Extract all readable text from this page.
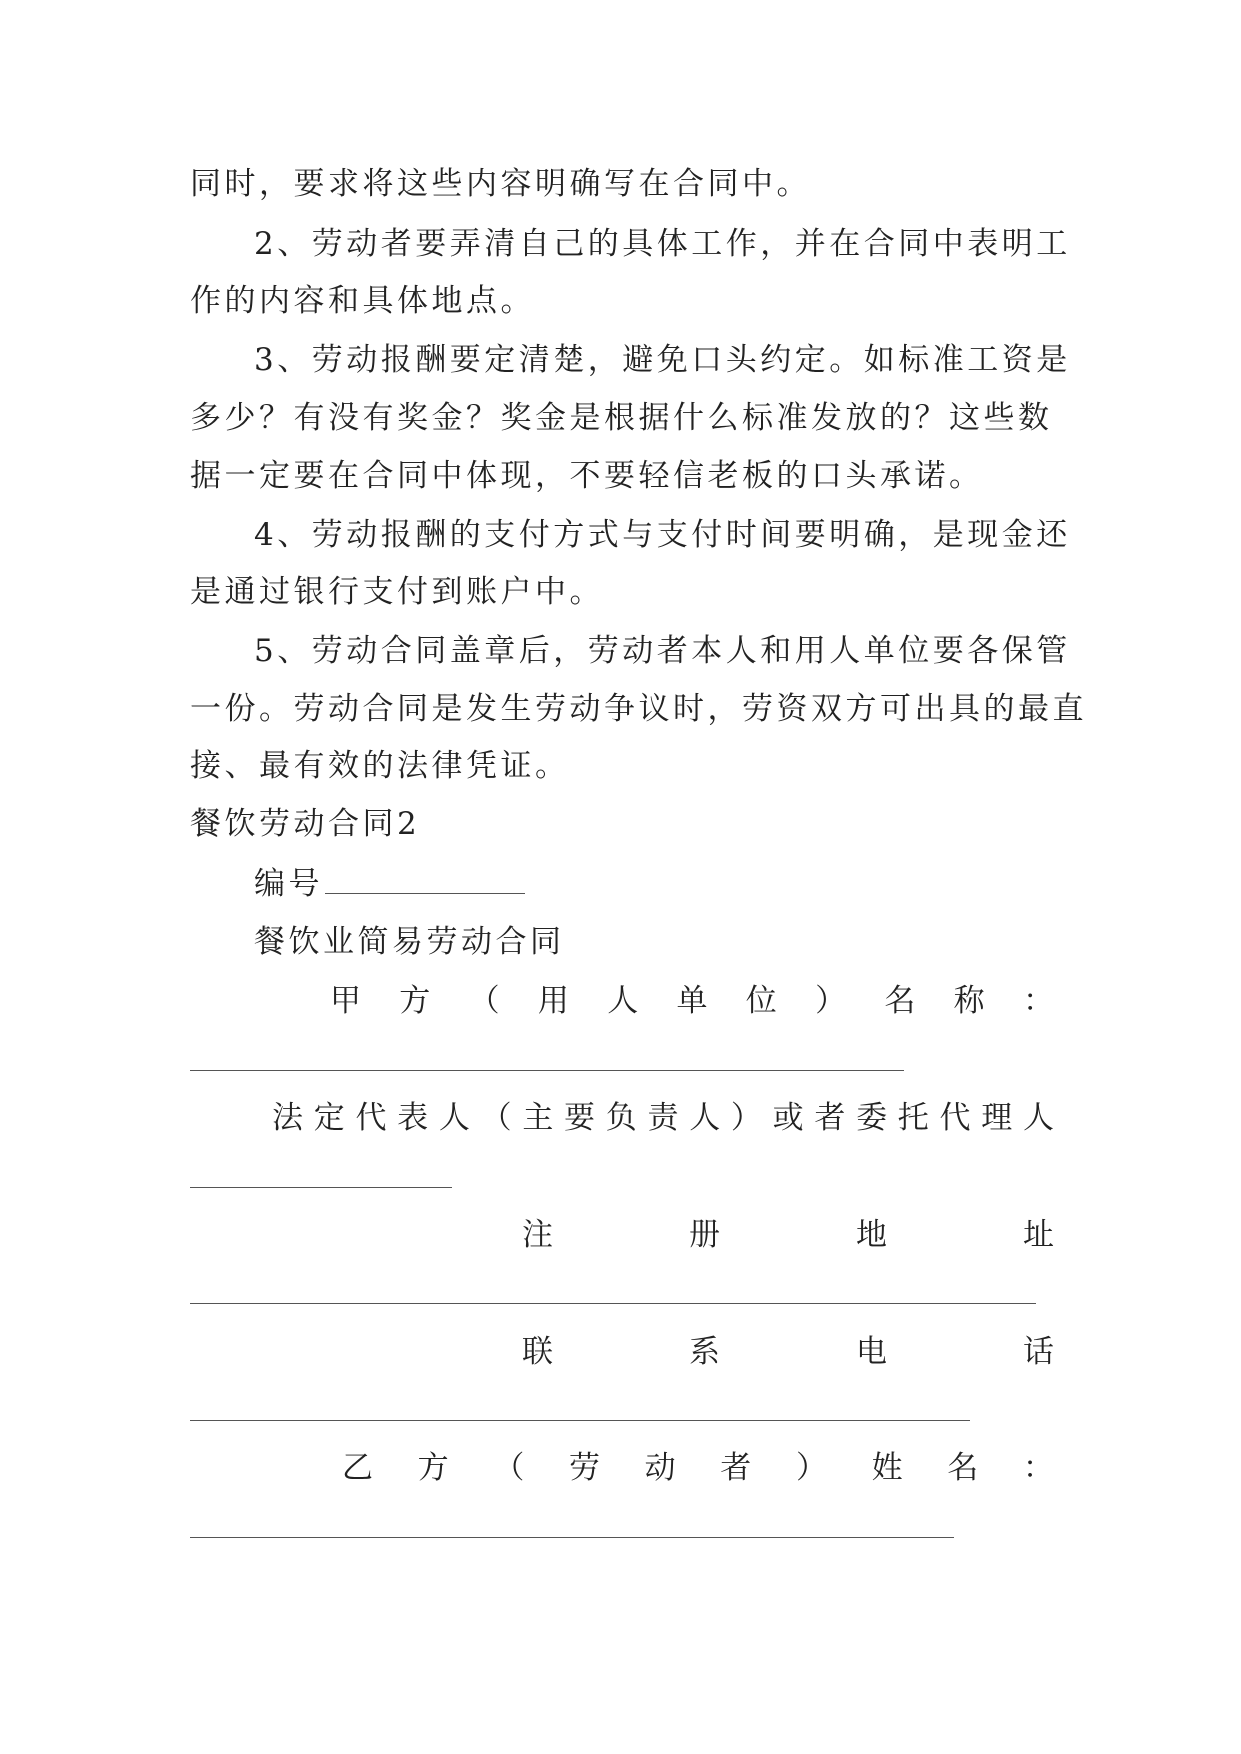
同时，要求将这些内容明确写在合同中。
2、劳动者要弄清自己的具体工作，并在合同中表明工
作的内容和具体地点。
3、劳动报酬要定清楚，避免口头约定。如标准工资是
多少？有没有奖金？奖金是根据什么标准发放的？这些数
据一定要在合同中体现，不要轻信老板的口头承诺。
4、劳动报酬的支付方式与支付时间要明确，是现金还
是通过银行支付到账户中。
5、劳动合同盖章后，劳动者本人和用人单位要各保管
一份。劳动合同是发生劳动争议时，劳资双方可出具的最直
接、最有效的法律凭证。
餐饮劳动合同2
编号
餐饮业简易劳动合同
甲 方 （ 用 人 单 位 ） 名 称 ：
法 定 代 表 人 （ 主 要 负 责 人 ） 或 者 委 托 代 理 人
注	册	地	址
联	系	电	话
乙 方 （ 劳 动 者 ） 姓 名 ：
